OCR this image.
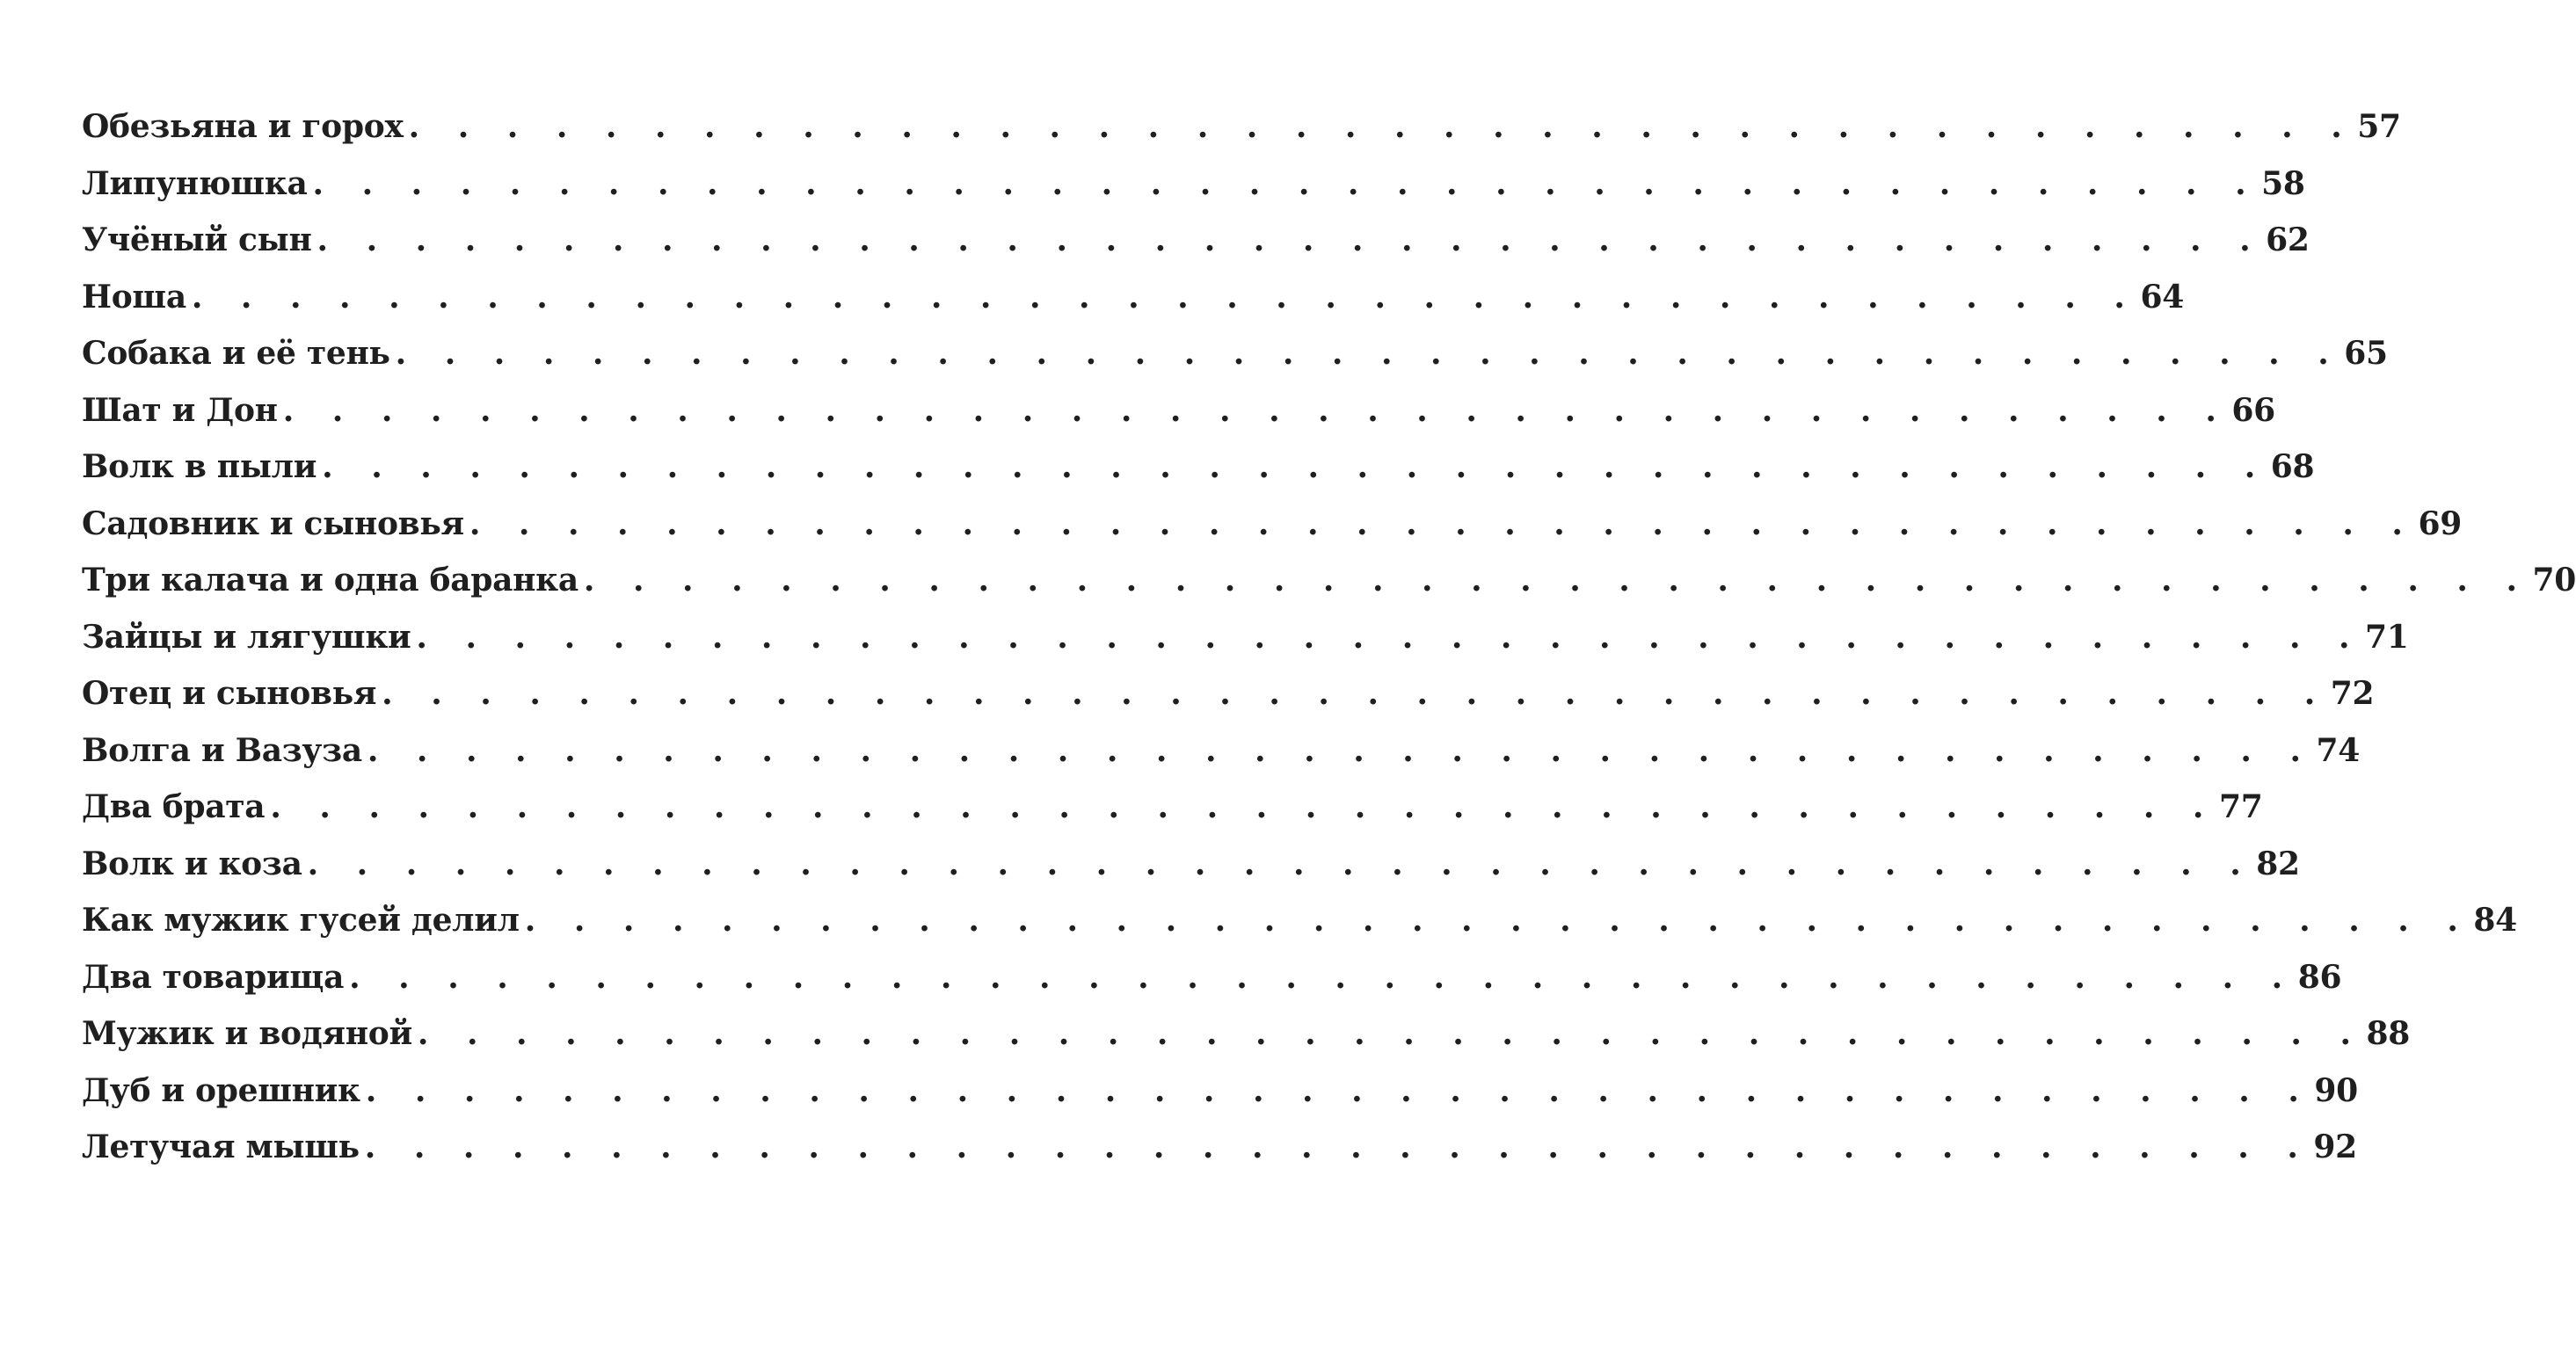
Обезьяна и горох . . . . . . . . . . . . . . . . . . . . . . . . . . . . . . . . . . . . . . . . 57
Липунюшка . . . . . . . . . . . . . . . . . . . . . . . . . . . . . . . . . . . . . . . . 58
Учёный сын . . . . . . . . . . . . . . . . . . . . . . . . . . . . . . . . . . . . . . . . 62
Ноша . . . . . . . . . . . . . . . . . . . . . . . . . . . . . . . . . . . . . . . . 64
Собака и её тень . . . . . . . . . . . . . . . . . . . . . . . . . . . . . . . . . . . . . . . . 65
Шат и Дон . . . . . . . . . . . . . . . . . . . . . . . . . . . . . . . . . . . . . . . . 66
Волк в пыли . . . . . . . . . . . . . . . . . . . . . . . . . . . . . . . . . . . . . . . . 68
Садовник и сыновья . . . . . . . . . . . . . . . . . . . . . . . . . . . . . . . . . . . . . . . . 69
Три калача и одна баранка . . . . . . . . . . . . . . . . . . . . . . . . . . . . . . . . . . . . . . . . 70
Зайцы и лягушки . . . . . . . . . . . . . . . . . . . . . . . . . . . . . . . . . . . . . . . . 71
Отец и сыновья . . . . . . . . . . . . . . . . . . . . . . . . . . . . . . . . . . . . . . . . 72
Волга и Вазуза . . . . . . . . . . . . . . . . . . . . . . . . . . . . . . . . . . . . . . . . 74
Два брата . . . . . . . . . . . . . . . . . . . . . . . . . . . . . . . . . . . . . . . . 77
Волк и коза . . . . . . . . . . . . . . . . . . . . . . . . . . . . . . . . . . . . . . . . 82
Как мужик гусей делил . . . . . . . . . . . . . . . . . . . . . . . . . . . . . . . . . . . . . . . . 84
Два товарища . . . . . . . . . . . . . . . . . . . . . . . . . . . . . . . . . . . . . . . . 86
Мужик и водяной . . . . . . . . . . . . . . . . . . . . . . . . . . . . . . . . . . . . . . . . 88
Дуб и орешник . . . . . . . . . . . . . . . . . . . . . . . . . . . . . . . . . . . . . . . . 90
Летучая мышь . . . . . . . . . . . . . . . . . . . . . . . . . . . . . . . . . . . . . . . . 92
